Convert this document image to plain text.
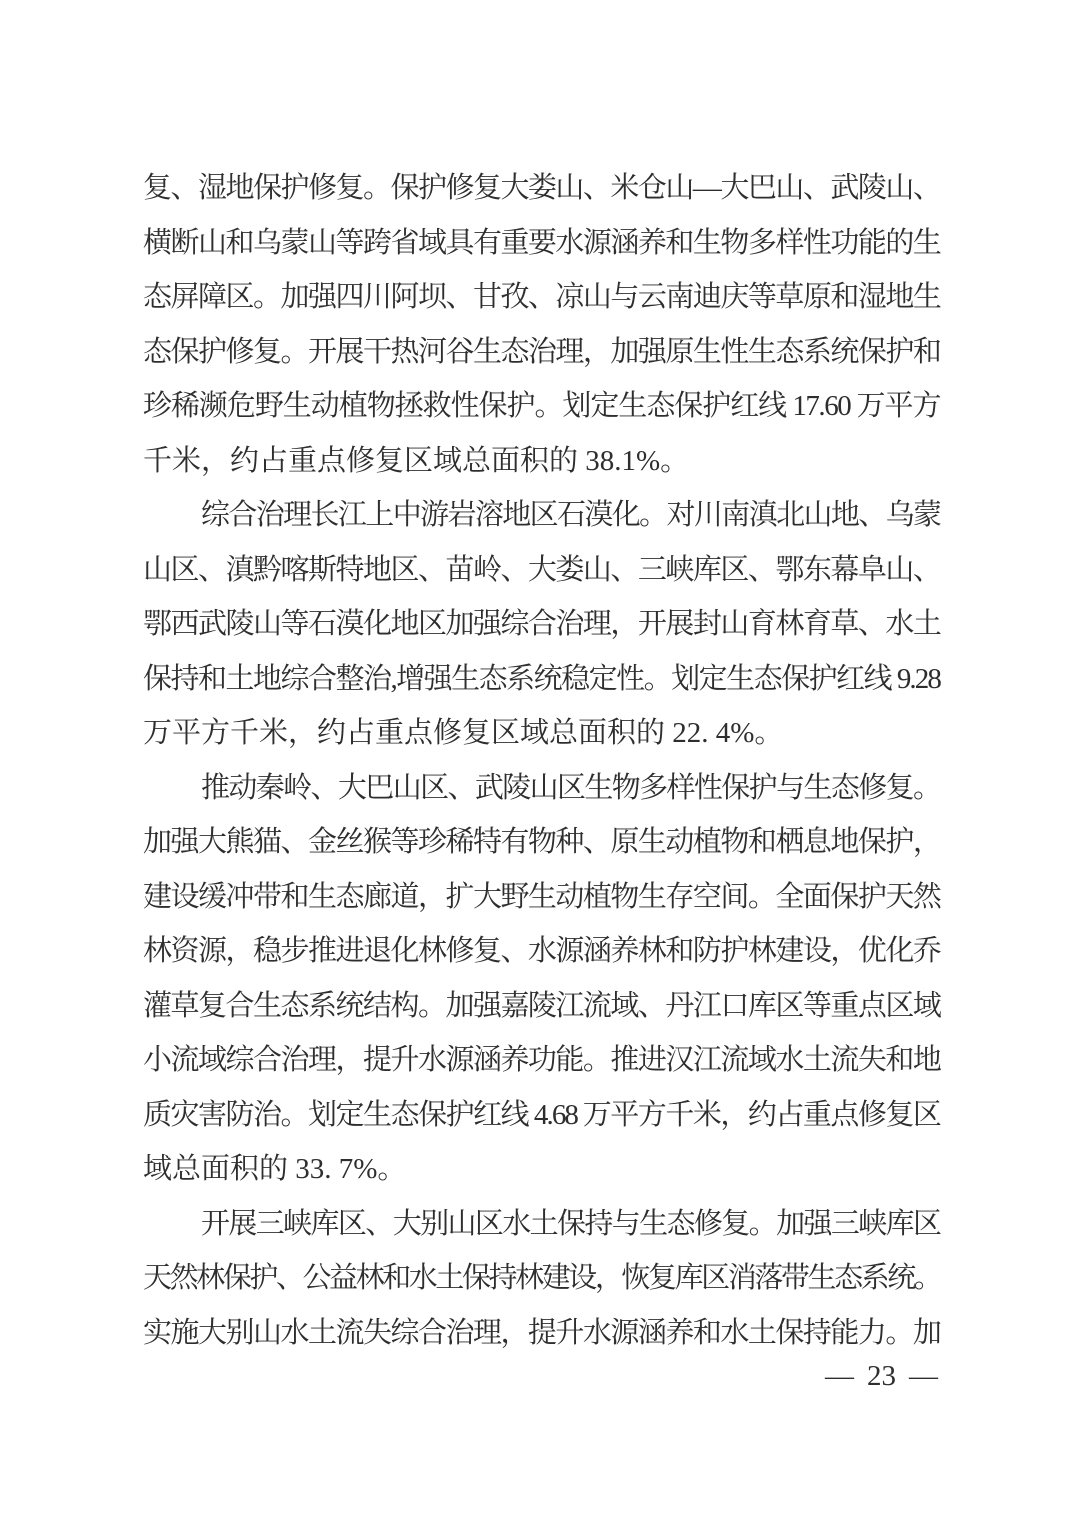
复、湿地保护修复。保护修复大娄山、米仓山—大巴山、武陵山、
横断山和乌蒙山等跨省域具有重要水源涵养和生物多样性功能的生
态屏障区。加强四川阿坝、甘孜、凉山与云南迪庆等草原和湿地生
态保护修复。开展干热河谷生态治理，加强原生性生态系统保护和
珍稀濒危野生动植物拯救性保护。划定生态保护红线 17.60 万平方
千米，约占重点修复区域总面积的 38.1%。
综合治理长江上中游岩溶地区石漠化。对川南滇北山地、乌蒙
山区、滇黔喀斯特地区、苗岭、大娄山、三峡库区、鄂东幕阜山、
鄂西武陵山等石漠化地区加强综合治理，开展封山育林育草、水土
保持和土地综合整治,增强生态系统稳定性。划定生态保护红线 9.28
万平方千米，约占重点修复区域总面积的 22. 4%。
推动秦岭、大巴山区、武陵山区生物多样性保护与生态修复。
加强大熊猫、金丝猴等珍稀特有物种、原生动植物和栖息地保护，
建设缓冲带和生态廊道，扩大野生动植物生存空间。全面保护天然
林资源，稳步推进退化林修复、水源涵养林和防护林建设，优化乔
灌草复合生态系统结构。加强嘉陵江流域、丹江口库区等重点区域
小流域综合治理，提升水源涵养功能。推进汉江流域水土流失和地
质灾害防治。划定生态保护红线 4.68 万平方千米，约占重点修复区
域总面积的 33. 7%。
开展三峡库区、大别山区水土保持与生态修复。加强三峡库区
天然林保护、公益林和水土保持林建设，恢复库区消落带生态系统。
实施大别山水土流失综合治理，提升水源涵养和水土保持能力。加
— 23 —
